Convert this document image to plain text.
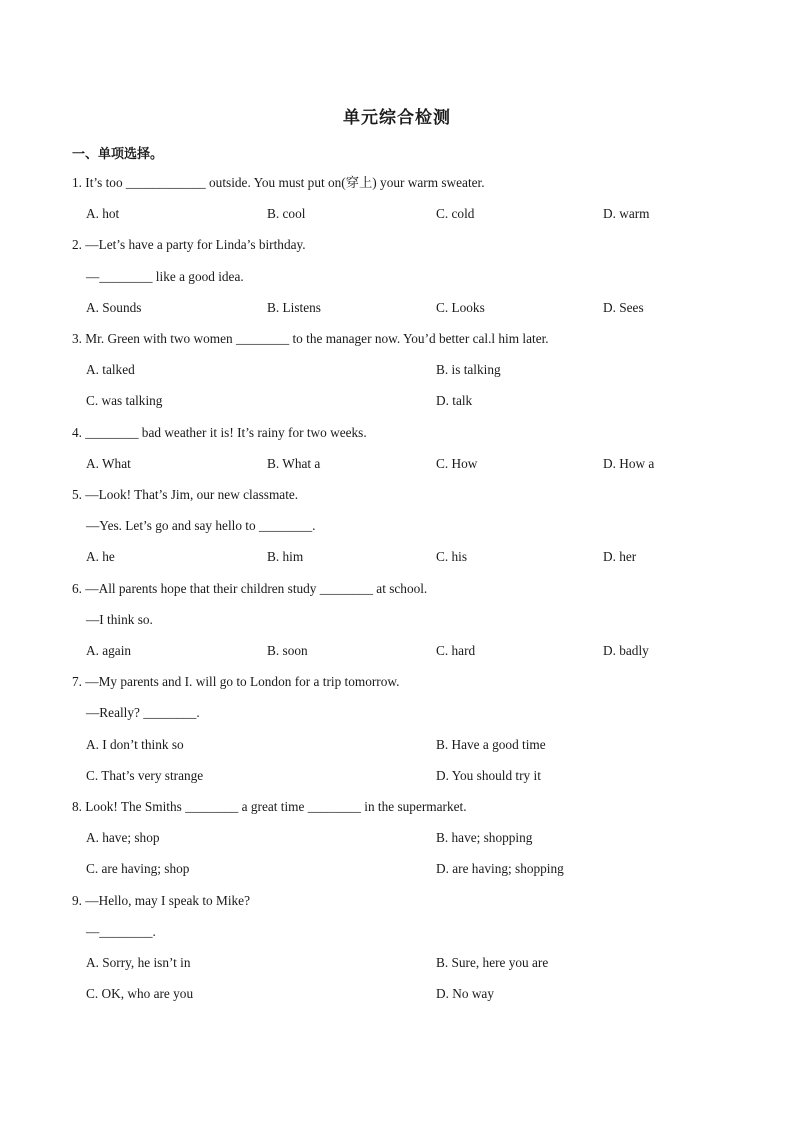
单元综合检测
一、单项选择。
1. It’s too ____________ outside. You must put on(穿上) your warm sweater.
A. hot	B. cool	C. cold	D. warm
2. —Let’s have a party for Linda’s birthday.
—________ like a good idea.
A. Sounds	B. Listens	C. Looks	D. Sees
3. Mr. Green with two women ________ to the manager now. You’d better cal.l him later.
A. talked	B. is talking
C. was talking	D. talk
4. ________ bad weather it is! It’s rainy for two weeks.
A. What	B. What a	C. How	D. How a
5. —Look! That’s Jim, our new classmate.
—Yes. Let’s go and say hello to ________.
A. he	B. him	C. his	D. her
6. —All parents hope that their children study ________ at school.
—I think so.
A. again	B. soon	C. hard	D. badly
7. —My parents and I. will go to London for a trip tomorrow.
—Really? ________.
A. I don’t think so	B. Have a good time
C. That’s very strange	D. You should try it
8. Look! The Smiths ________ a great time ________ in the supermarket.
A. have; shop	B. have; shopping
C. are having; shop	D. are having; shopping
9. —Hello, may I speak to Mike?
—________.
A. Sorry, he isn’t in	B. Sure, here you are
C. OK, who are you	D. No way
